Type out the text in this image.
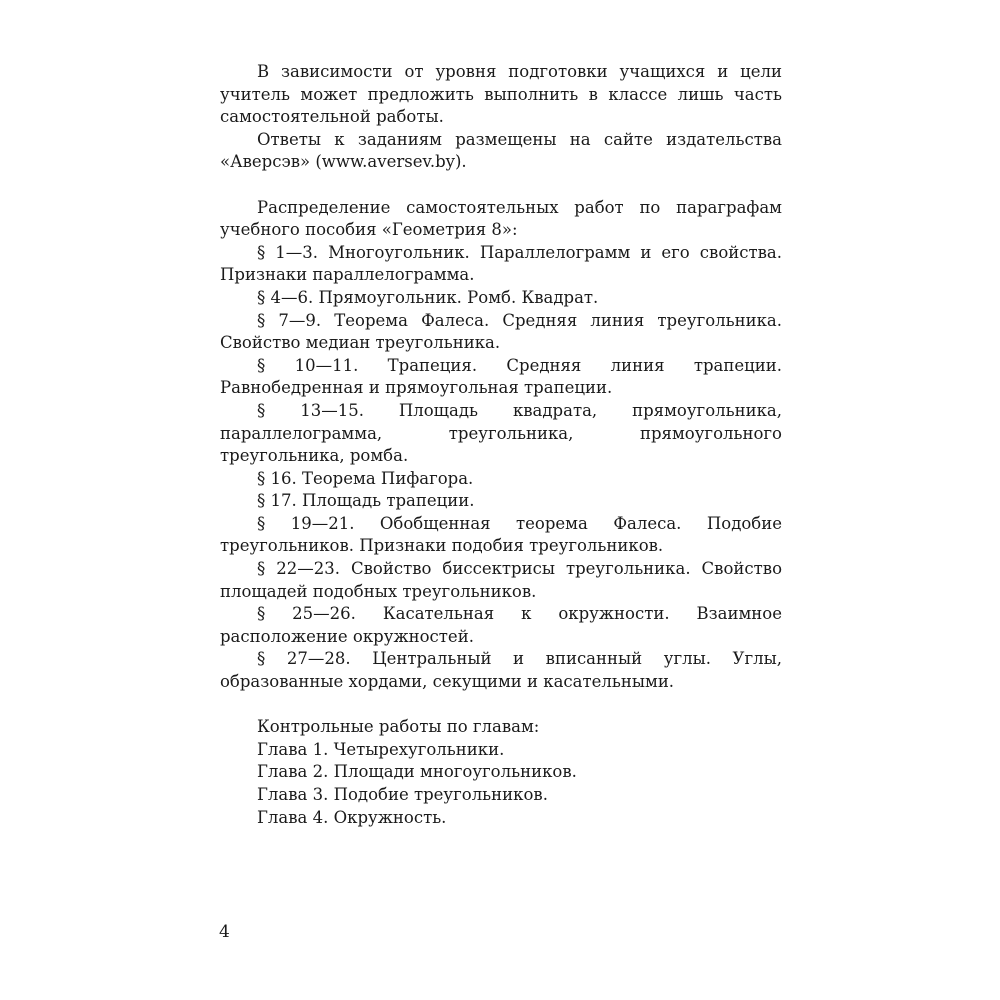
В зависимости от уровня подготовки учащихся и цели учитель может предложить выполнить в классе лишь часть самостоятельной работы.

Ответы к заданиям размещены на сайте издательства «Аверсэв» (www.aversev.by).

Распределение самостоятельных работ по параграфам учебного пособия «Геометрия 8»:

§ 1—3. Многоугольник. Параллелограмм и его свойства. Признаки параллелограмма.

§ 4—6. Прямоугольник. Ромб. Квадрат.

§ 7—9. Теорема Фалеса. Средняя линия треугольника. Свойство медиан треугольника.

§ 10—11. Трапеция. Средняя линия трапеции. Равнобедренная и прямоугольная трапеции.

§ 13—15. Площадь квадрата, прямоугольника, параллелограмма, треугольника, прямоугольного треугольника, ромба.

§ 16. Теорема Пифагора.

§ 17. Площадь трапеции.

§ 19—21. Обобщенная теорема Фалеса. Подобие треугольников. Признаки подобия треугольников.

§ 22—23. Свойство биссектрисы треугольника. Свойство площадей подобных треугольников.

§ 25—26. Касательная к окружности. Взаимное расположение окружностей.

§ 27—28. Центральный и вписанный углы. Углы, образованные хордами, секущими и касательными.

Контрольные работы по главам:

Глава 1. Четырехугольники.

Глава 2. Площади многоугольников.

Глава 3. Подобие треугольников.

Глава 4. Окружность.

4
